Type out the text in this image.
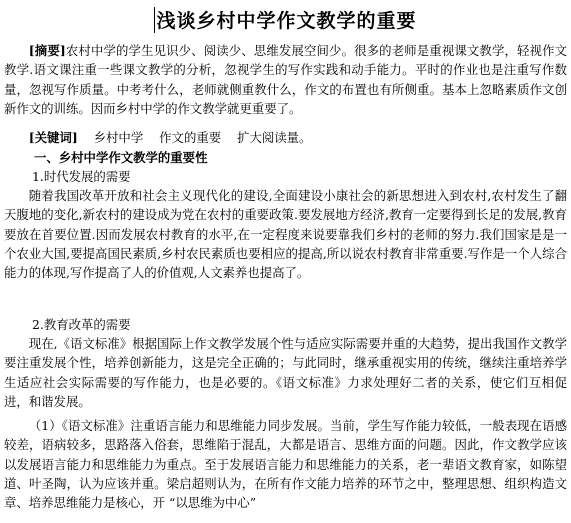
浅谈乡村中学作文教学的重要
[摘要]农村中学的学生见识少、阅读少、思维发展空间少。很多的老师是重视课文教学，轻视作文教学.语文课注重一些课文教学的分析，忽视学生的写作实践和动手能力。平时的作业也是注重写作数量，忽视写作质量。中考考什么，老师就侧重教什么，作文的布置也有所侧重。基本上忽略素质作文创新作文的训练。因而乡村中学的作文教学就更重要了。
[关键词] 乡村中学 作文的重要 扩大阅读量。
一、乡村中学作文教学的重要性
1.时代发展的需要
随着我国改革开放和社会主义现代化的建设,全面建设小康社会的新思想进入到农村,农村发生了翻天腹地的变化,新农村的建设成为党在农村的重要政策.要发展地方经济,教育一定要得到长足的发展,教育要放在首要位置.因而发展农村教育的水平,在一定程度来说要靠我们乡村的老师的努力.我们国家是是一个农业大国,要提高国民素质,乡村农民素质也要相应的提高,所以说农村教育非常重要.写作是一个人综合能力的体现,写作提高了人的价值观,人文素养也提高了。
2.教育改革的需要
现在,《语文标准》根据国际上作文教学发展个性与适应实际需要并重的大趋势，提出我国作文教学要注重发展个性，培养创新能力，这是完全正确的；与此同时，继承重视实用的传统，继续注重培养学生适应社会实际需要的写作能力，也是必要的。《语文标准》力求处理好二者的关系，使它们互相促进，和谐发展。
（1）《语文标准》注重语言能力和思维能力同步发展。当前，学生写作能力较低，一般表现在语感较差，语病较多，思路落入俗套，思维陷于混乱，大都是语言、思维方面的问题。因此，作文教学应该以发展语言能力和思维能力为重点。至于发展语言能力和思维能力的关系，老一辈语文教育家，如陈望道、叶圣陶，认为应该并重。梁启超则认为，在所有作文能力培养的环节之中，整理思想、组织构造文章、培养思维能力是核心，开 “以思维为中心”
